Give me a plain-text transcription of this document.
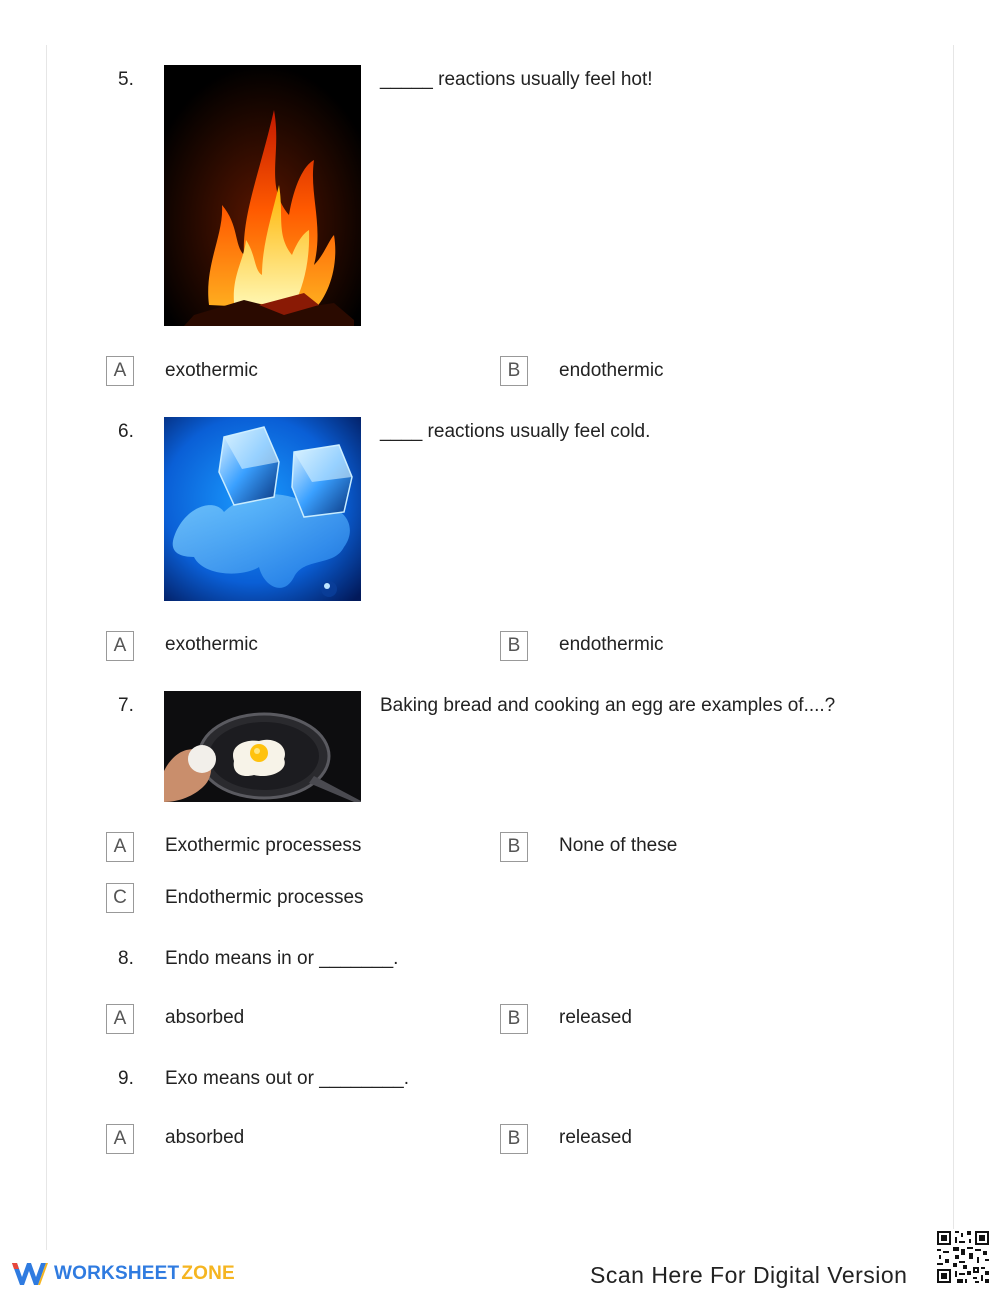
5.	_____ reactions usually feel hot!
A	exothermic	B	endothermic
6.	____ reactions usually feel cold.
A	exothermic	B	endothermic
7.	Baking bread and cooking an egg are examples of....?
A	Exothermic processess	B	None of these
C	Endothermic processes
8. Endo means in or _______.
A	absorbed	B	released
9. Exo means out or ________.
A	absorbed	B	released
WORKSHEET ZONE	Scan Here For Digital Version
